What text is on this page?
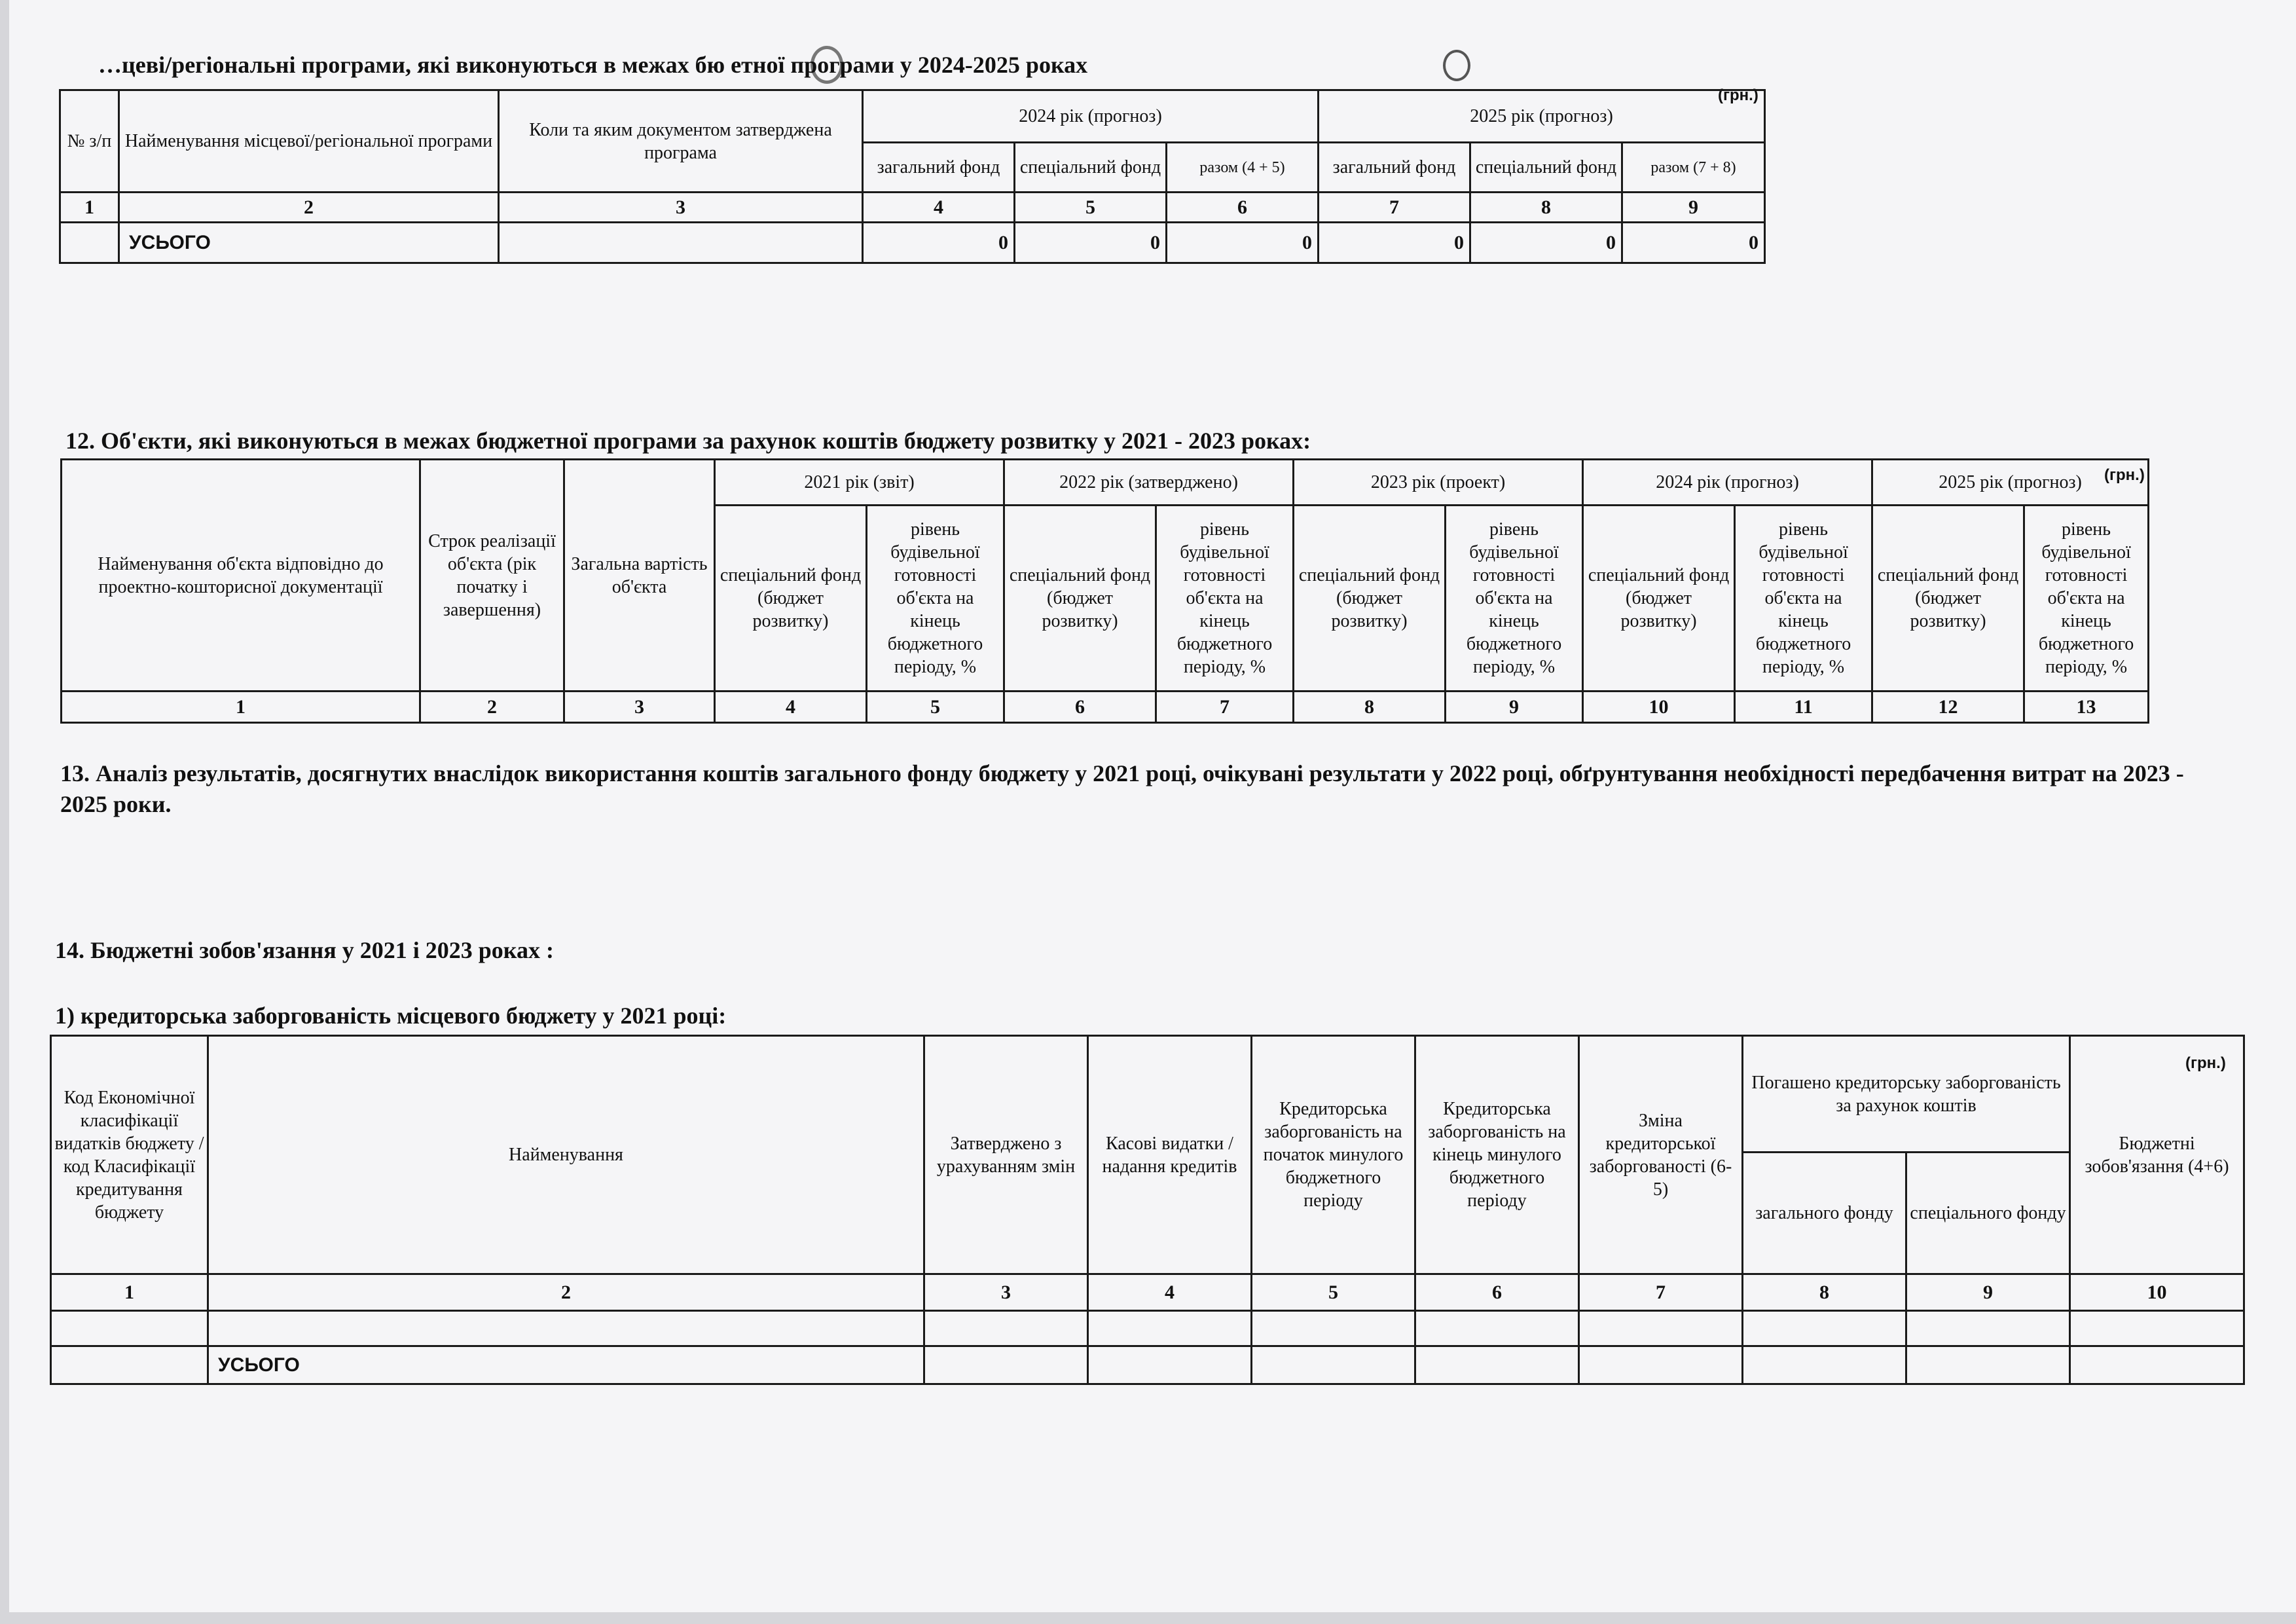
…цеві/регіональні програми, які виконуються в межах бю етної програми у 2024-2025 роках
(грн.)
№ з/п	Найменування місцевої/регіональної програми	Коли та яким документом затверджена програма	2024 рік (прогноз)			2025 рік (прогноз)		
			загальний фонд	спеціальний фонд	разом (4 + 5)	загальний фонд	спеціальний фонд	разом (7 + 8)
1	2	3	4	5	6	7	8	9
	УСЬОГО		0	0	0	0	0	0
12. Об'єкти, які виконуються в межах бюджетної програми за рахунок коштів бюджету розвитку у 2021 - 2023 роках:
(грн.)
Найменування об'єкта відповідно до проектно-кошторисної документації	Строк реалізації об'єкта (рік початку і завершення)	Загальна вартість об'єкта	2021 рік (звіт)		2022 рік (затверджено)		2023 рік (проект)		2024 рік (прогноз)		2025 рік (прогноз)	
			спеціальний фонд (бюджет розвитку)	рівень будівельної готовності об'єкта на кінець бюджетного періоду, %	спеціальний фонд (бюджет розвитку)	рівень будівельної готовності об'єкта на кінець бюджетного періоду, %	спеціальний фонд (бюджет розвитку)	рівень будівельної готовності об'єкта на кінець бюджетного періоду, %	спеціальний фонд (бюджет розвитку)	рівень будівельної готовності об'єкта на кінець бюджетного періоду, %	спеціальний фонд (бюджет розвитку)	рівень будівельної готовності об'єкта на кінець бюджетного періоду, %
1	2	3	4	5	6	7	8	9	10	11	12	13
13. Аналіз результатів, досягнутих внаслідок використання коштів загального фонду бюджету у 2021 році, очікувані результати у 2022 році, обґрунтування необхідності передбачення витрат на 2023 - 2025 роки.
14. Бюджетні зобов'язання у 2021 і 2023 роках :
1) кредиторська заборгованість місцевого бюджету у 2021 році:
(грн.)
Код Економічної класифікації видатків бюджету / код Класифікації кредитування бюджету	Найменування	Затверджено з урахуванням змін	Касові видатки / надання кредитів	Кредиторська заборгованість на початок минулого бюджетного періоду	Кредиторська заборгованість на кінець минулого бюджетного періоду	Зміна кредиторської заборгованості (6-5)	Погашено кредиторську заборгованість за рахунок коштів		Бюджетні зобов'язання (4+6)
							загального фонду	спеціального фонду	
1	2	3	4	5	6	7	8	9	10

	УСЬОГО								
